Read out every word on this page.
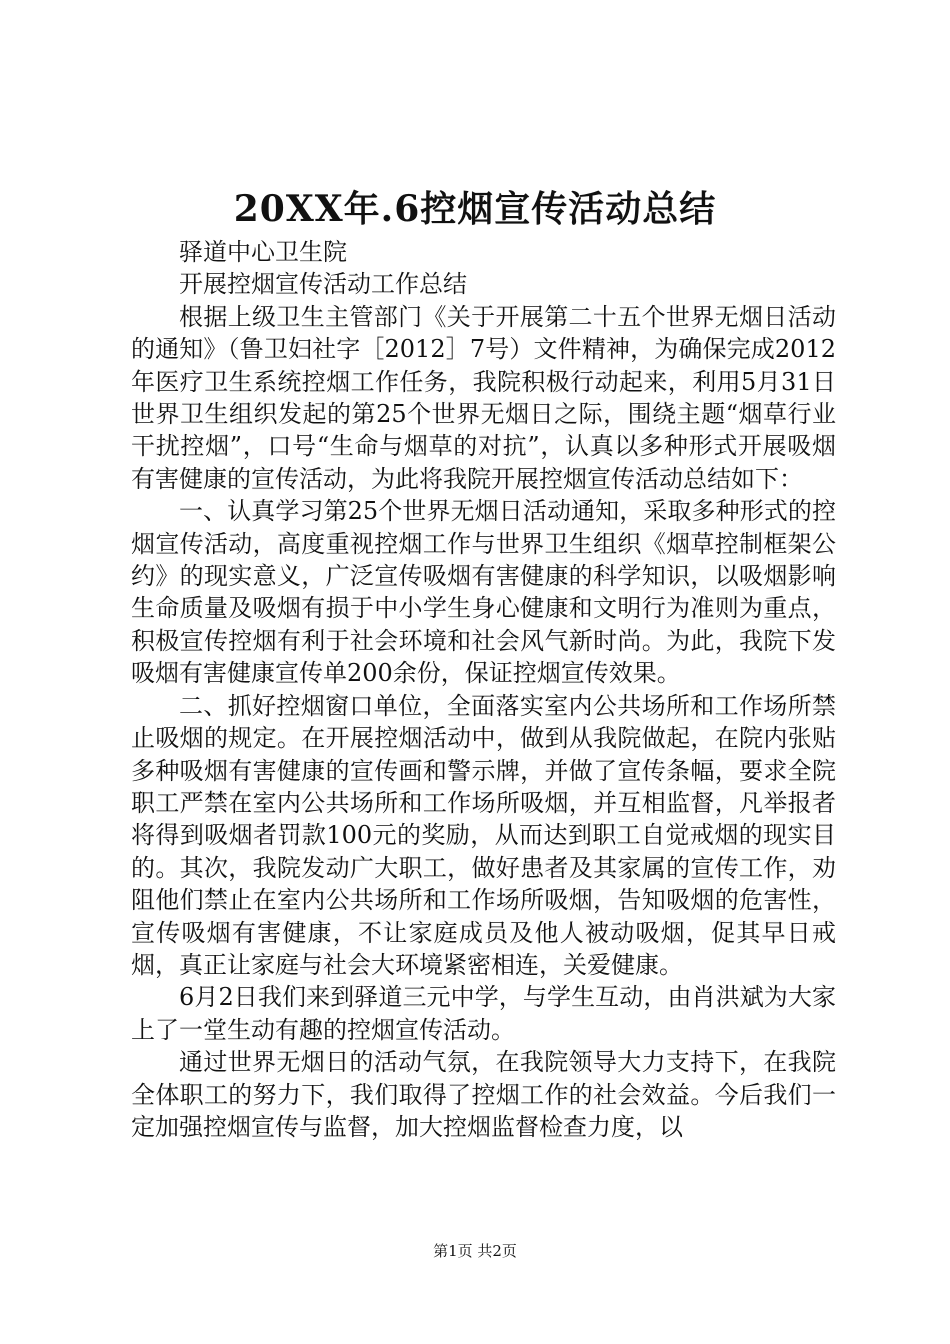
20XX年.6控烟宣传活动总结

驿道中心卫生院

开展控烟宣传活动工作总结

根据上级卫生主管部门《关于开展第二十五个世界无烟日活动的通知》（鲁卫妇社字［2012］7号）文件精神，为确保完成2012年医疗卫生系统控烟工作任务，我院积极行动起来，利用5月31日世界卫生组织发起的第25个世界无烟日之际，围绕主题“烟草行业干扰控烟”，口号“生命与烟草的对抗”，认真以多种形式开展吸烟有害健康的宣传活动，为此将我院开展控烟宣传活动总结如下：

一、认真学习第25个世界无烟日活动通知，采取多种形式的控烟宣传活动，高度重视控烟工作与世界卫生组织《烟草控制框架公约》的现实意义，广泛宣传吸烟有害健康的科学知识，以吸烟影响生命质量及吸烟有损于中小学生身心健康和文明行为准则为重点，积极宣传控烟有利于社会环境和社会风气新时尚。为此，我院下发吸烟有害健康宣传单200余份，保证控烟宣传效果。

二、抓好控烟窗口单位，全面落实室内公共场所和工作场所禁止吸烟的规定。在开展控烟活动中，做到从我院做起，在院内张贴多种吸烟有害健康的宣传画和警示牌，并做了宣传条幅，要求全院职工严禁在室内公共场所和工作场所吸烟，并互相监督，凡举报者将得到吸烟者罚款100元的奖励，从而达到职工自觉戒烟的现实目的。其次，我院发动广大职工，做好患者及其家属的宣传工作，劝阻他们禁止在室内公共场所和工作场所吸烟，告知吸烟的危害性，宣传吸烟有害健康，不让家庭成员及他人被动吸烟，促其早日戒烟，真正让家庭与社会大环境紧密相连，关爱健康。

6月2日我们来到驿道三元中学，与学生互动，由肖洪斌为大家上了一堂生动有趣的控烟宣传活动。

通过世界无烟日的活动气氛，在我院领导大力支持下，在我院全体职工的努力下，我们取得了控烟工作的社会效益。今后我们一定加强控烟宣传与监督，加大控烟监督检查力度，以

第1页 共2页
